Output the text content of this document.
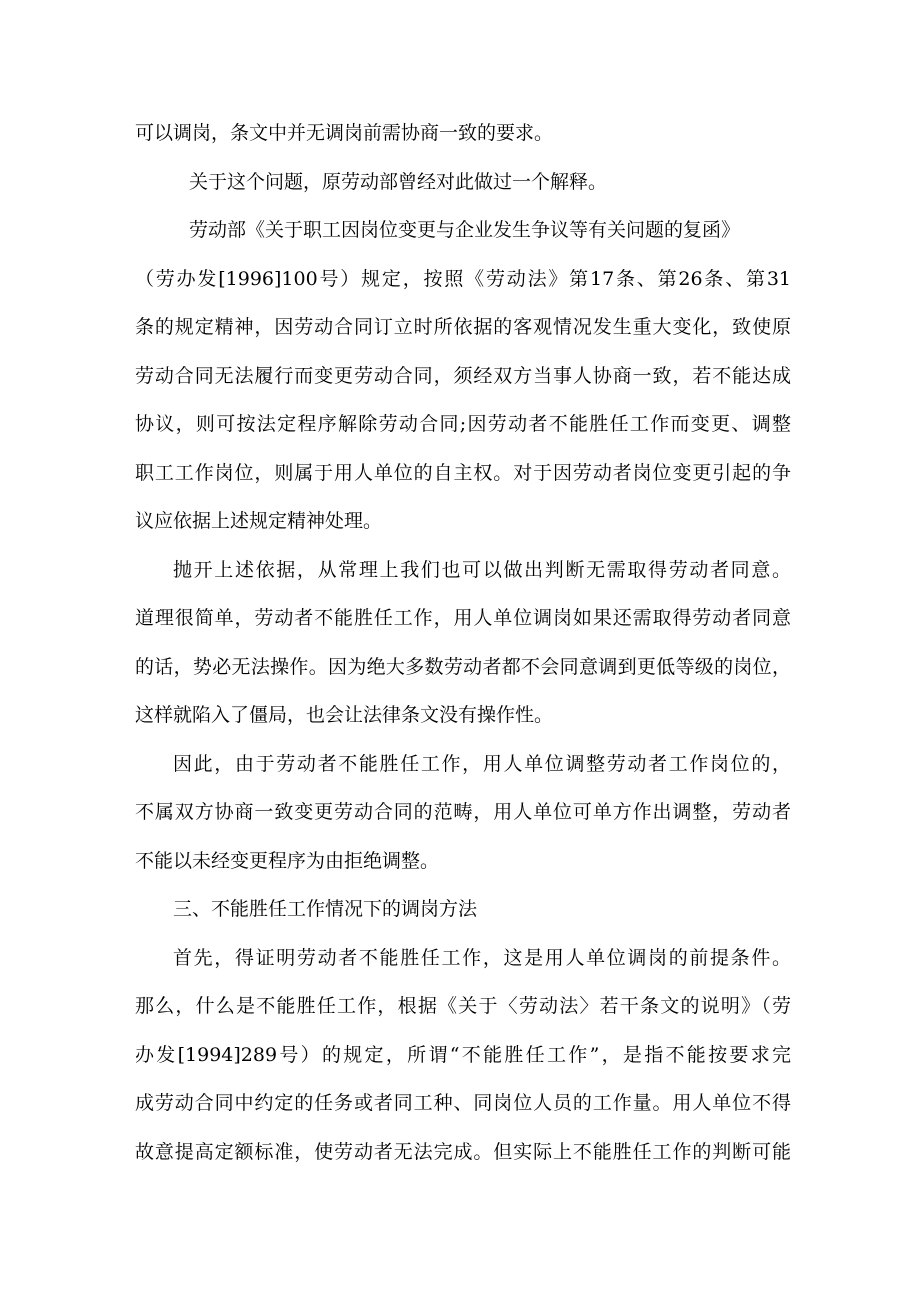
可以调岗，条文中并无调岗前需协商一致的要求。
关于这个问题，原劳动部曾经对此做过一个解释。
劳动部《关于职工因岗位变更与企业发生争议等有关问题的复函》
（劳办发[1996]100号）规定，按照《劳动法》第17条、第26条、第31
条的规定精神，因劳动合同订立时所依据的客观情况发生重大变化，致使原
劳动合同无法履行而变更劳动合同，须经双方当事人协商一致，若不能达成
协议，则可按法定程序解除劳动合同;因劳动者不能胜任工作而变更、调整
职工工作岗位，则属于用人单位的自主权。对于因劳动者岗位变更引起的争
议应依据上述规定精神处理。
抛开上述依据，从常理上我们也可以做出判断无需取得劳动者同意。
道理很简单，劳动者不能胜任工作，用人单位调岗如果还需取得劳动者同意
的话，势必无法操作。因为绝大多数劳动者都不会同意调到更低等级的岗位，
这样就陷入了僵局，也会让法律条文没有操作性。
因此，由于劳动者不能胜任工作，用人单位调整劳动者工作岗位的，
不属双方协商一致变更劳动合同的范畴，用人单位可单方作出调整，劳动者
不能以未经变更程序为由拒绝调整。
三、不能胜任工作情况下的调岗方法
首先，得证明劳动者不能胜任工作，这是用人单位调岗的前提条件。
那么，什么是不能胜任工作，根据《关于〈劳动法〉若干条文的说明》（劳
办发[1994]289号）的规定，所谓“不能胜任工作”，是指不能按要求完
成劳动合同中约定的任务或者同工种、同岗位人员的工作量。用人单位不得
故意提高定额标准，使劳动者无法完成。但实际上不能胜任工作的判断可能
